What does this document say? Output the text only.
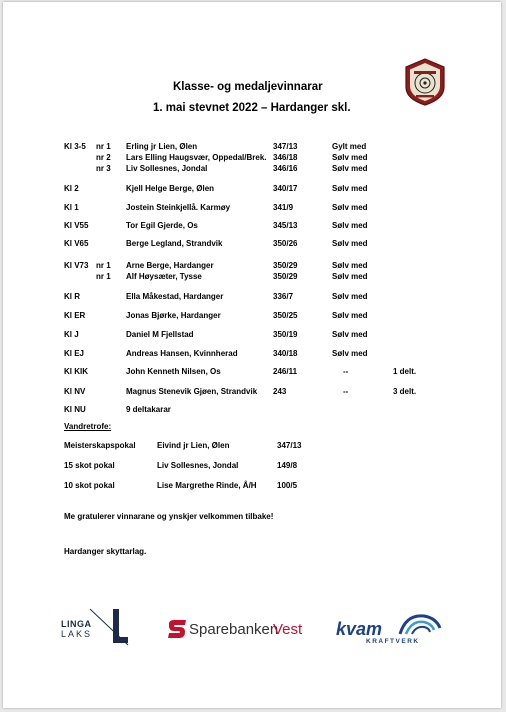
Klasse- og medaljevinnarar
1. mai stevnet 2022 – Hardanger skl.
Kl 3-5 nr 1 Erling jr Lien, Ølen	347/13	Gylt med
nr 2 Lars Elling Haugsvær, Oppedal/Brek. 346/18	Sølv med
nr 3 Liv Sollesnes, Jondal	346/16	Sølv med
Kl 2	Kjell Helge Berge, Ølen	340/17	Sølv med
Kl 1	Jostein Steinkjellå. Karmøy	341/9	Sølv med
Kl V55	Tor Egil Gjerde, Os	345/13	Sølv med
Kl V65	Berge Legland, Strandvik	350/26	Sølv med
Kl V73 nr 1 Arne Berge, Hardanger	350/29	Sølv med
nr 1 Alf Høysæter, Tysse	350/29	Sølv med
Kl R	Ella Måkestad, Hardanger	336/7	Sølv med
Kl ER	Jonas Bjørke, Hardanger	350/25	Sølv med
Kl J	Daniel M Fjellstad	350/19	Sølv med
Kl EJ	Andreas Hansen, Kvinnherad	340/18	Sølv med
Kl KIK	John Kenneth Nilsen, Os	246/11	--	1 delt.
Kl NV	Magnus Stenevik Gjøen, Strandvik 243	--	3 delt.
Kl NU	9 deltakarar
Vandretrofe:
Meisterskapspokal	Eivind jr Lien, Ølen	347/13
15 skot pokal	Liv Sollesnes, Jondal	149/8
10 skot pokal	Lise Margrethe Rinde, Å/H	100/5
Me gratulerer vinnarane og ynskjer velkommen tilbake!
Hardanger skyttarlag.
LINGA
LAKS	Sparebanken
Vest kvam
KRAFTVERK
